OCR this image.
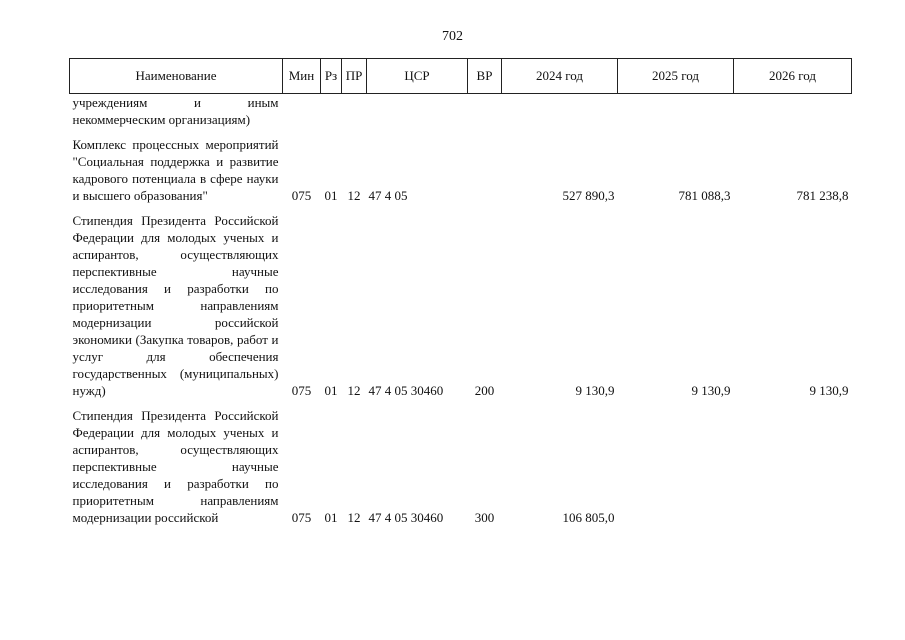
702
Наименование	Мин	Рз	ПР	ЦСР	ВР	2024 год	2025 год	2026 год
учреждениям и иным некоммерческим организациям)								
Комплекс процессных мероприятий "Социальная поддержка и развитие кадрового потенциала в сфере науки и высшего образования"	075	01	12	47 4 05		527 890,3	781 088,3	781 238,8
Стипендия Президента Российской Федерации для молодых ученых и аспирантов, осуществляющих перспективные научные исследования и разработки по приоритетным направлениям модернизации российской экономики (Закупка товаров, работ и услуг для обеспечения государственных (муниципальных) нужд)	075	01	12	47 4 05 30460	200	9 130,9	9 130,9	9 130,9
Стипендия Президента Российской Федерации для молодых ученых и аспирантов, осуществляющих перспективные научные исследования и разработки по приоритетным направлениям модернизации российской	075	01	12	47 4 05 30460	300	106 805,0		
